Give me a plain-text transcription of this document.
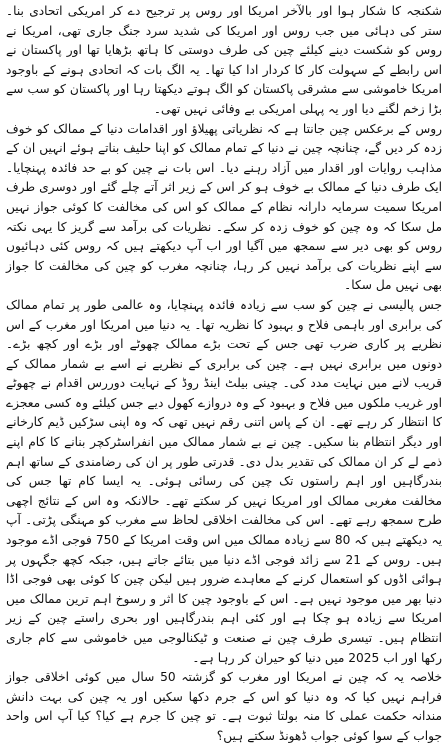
شکنجہ کا شکار ہوا اور بالآخر امریکا اور روس پر ترجیح دے کر امریکی اتحادی بنا۔ ستر کی دہائی میں جب روس اور امریکا کی شدید سرد جنگ جاری تھی، امریکا نے روس کو شکست دینے کیلئے چین کی طرف دوستی کا ہاتھ بڑھایا تھا اور پاکستان نے اس رابطے کے سہولت کار کا کردار ادا کیا تھا۔ یہ الگ بات کہ اتحادی ہونے کے باوجود امریکا خاموشی سے مشرقی پاکستان کو الگ ہوتے دیکھتا رہا اور پاکستان کو سب سے بڑا زخم لگنے دیا اور یہ پہلی امریکی بے وفائی نہیں تھی۔

روس کے برعکس چین جانتا ہے کہ نظریاتی پھیلاؤ اور اقدامات دنیا کے ممالک کو خوف زدہ کر دیں گے، چنانچہ چین نے دنیا کے تمام ممالک کو اپنا حلیف بناتے ہوئے انہیں ان کے مذاہب روایات اور اقدار میں آزاد رہنے دیا۔ اس بات نے چین کو بے حد فائدہ پہنچایا۔ ایک طرف دنیا کے ممالک بے خوف ہو کر اس کے زیر اثر آتے چلے گئے اور دوسری طرف امریکا سمیت سرمایہ دارانہ نظام کے ممالک کو اس کی مخالفت کا کوئی جواز نہیں مل سکا کہ وہ چین کو خوف زدہ کر سکے۔ نظریات کی برآمد سے گریز کا یہی نکتہ روس کو بھی دیر سے سمجھ میں آگیا اور اب آپ دیکھتے ہیں کہ روس کئی دہائیوں سے اپنے نظریات کی برآمد نہیں کر رہا، چنانچہ مغرب کو چین کی مخالفت کا جواز بھی نہیں مل سکا۔

جس پالیسی نے چین کو سب سے زیادہ فائدہ پہنچایا، وہ عالمی طور پر تمام ممالک کی برابری اور باہمی فلاح و بہبود کا نظریہ تھا۔ یہ دنیا میں امریکا اور مغرب کے اس نظریے پر کاری ضرب تھی جس کے تحت بڑے ممالک چھوٹے اور بڑے اور کچھ بڑے۔ دونوں میں برابری نہیں ہے۔ چین کی برابری کے نظریے نے اسے بے شمار ممالک کے قریب لانے میں نہایت مدد کی۔ چینی بیلٹ اینڈ روڈ کے نہایت دوررس اقدام نے چھوٹے اور غریب ملکوں میں فلاح و بہبود کے وہ دروازے کھول دیے جس کیلئے وہ کسی معجزے کا انتظار کر رہے تھے۔ ان کے پاس اتنی رقم نہیں تھی کہ وہ اپنی سڑکیں ڈیم کارخانے اور دیگر انتظام بنا سکیں۔ چین نے بے شمار ممالک میں انفراسٹرکچر بنانے کا کام اپنے ذمے لے کر ان ممالک کی تقدیر بدل دی۔ قدرتی طور پر ان کی رضامندی کے ساتھ اہم بندرگاہیں اور اہم راستوں تک چین کی رسائی ہوئی۔ یہ ایسا کام تھا جس کی مخالفت مغربی ممالک اور امریکا نہیں کر سکتے تھے۔ حالانکہ وہ اس کے نتائج اچھی طرح سمجھ رہے تھے۔ اس کی مخالفت اخلاقی لحاظ سے مغرب کو مہنگی پڑتی۔ آپ یہ دیکھتے ہیں کہ 80 سے زیادہ ممالک میں اس وقت امریکا کے 750 فوجی اڈے موجود ہیں۔ روس کے 21 سے زائد فوجی اڈے دنیا میں بتائے جاتے ہیں، جبکہ کچھ جگہوں پر ہوائی اڈوں کو استعمال کرنے کے معاہدے ضرور ہیں لیکن چین کا کوئی بھی فوجی اڈا دنیا بھر میں موجود نہیں ہے۔ اس کے باوجود چین کا اثر و رسوخ اہم ترین ممالک میں امریکا سے زیادہ ہو چکا ہے اور کئی اہم بندرگاہیں اور بحری راستے چین کے زیر انتظام ہیں۔ تیسری طرف چین نے صنعت و ٹیکنالوجی میں خاموشی سے کام جاری رکھا اور اب 2025 میں دنیا کو حیران کر رہا ہے۔

خلاصہ یہ کہ چین نے امریکا اور مغرب کو گزشتہ 50 سال میں کوئی اخلاقی جواز فراہم نہیں کیا کہ وہ دنیا کو اس کے جرم دکھا سکیں اور یہ چین کی بہت دانش مندانہ حکمت عملی کا منہ بولتا ثبوت ہے۔ تو چین کا جرم ہے کیا؟ کیا آپ اس واحد جواب کے سوا کوئی جواب ڈھونڈ سکتے ہیں؟
